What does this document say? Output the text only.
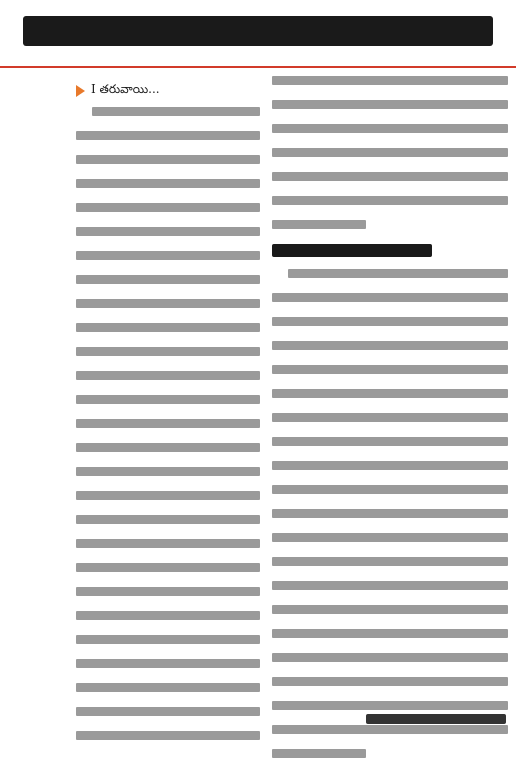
I తరువాయి...
